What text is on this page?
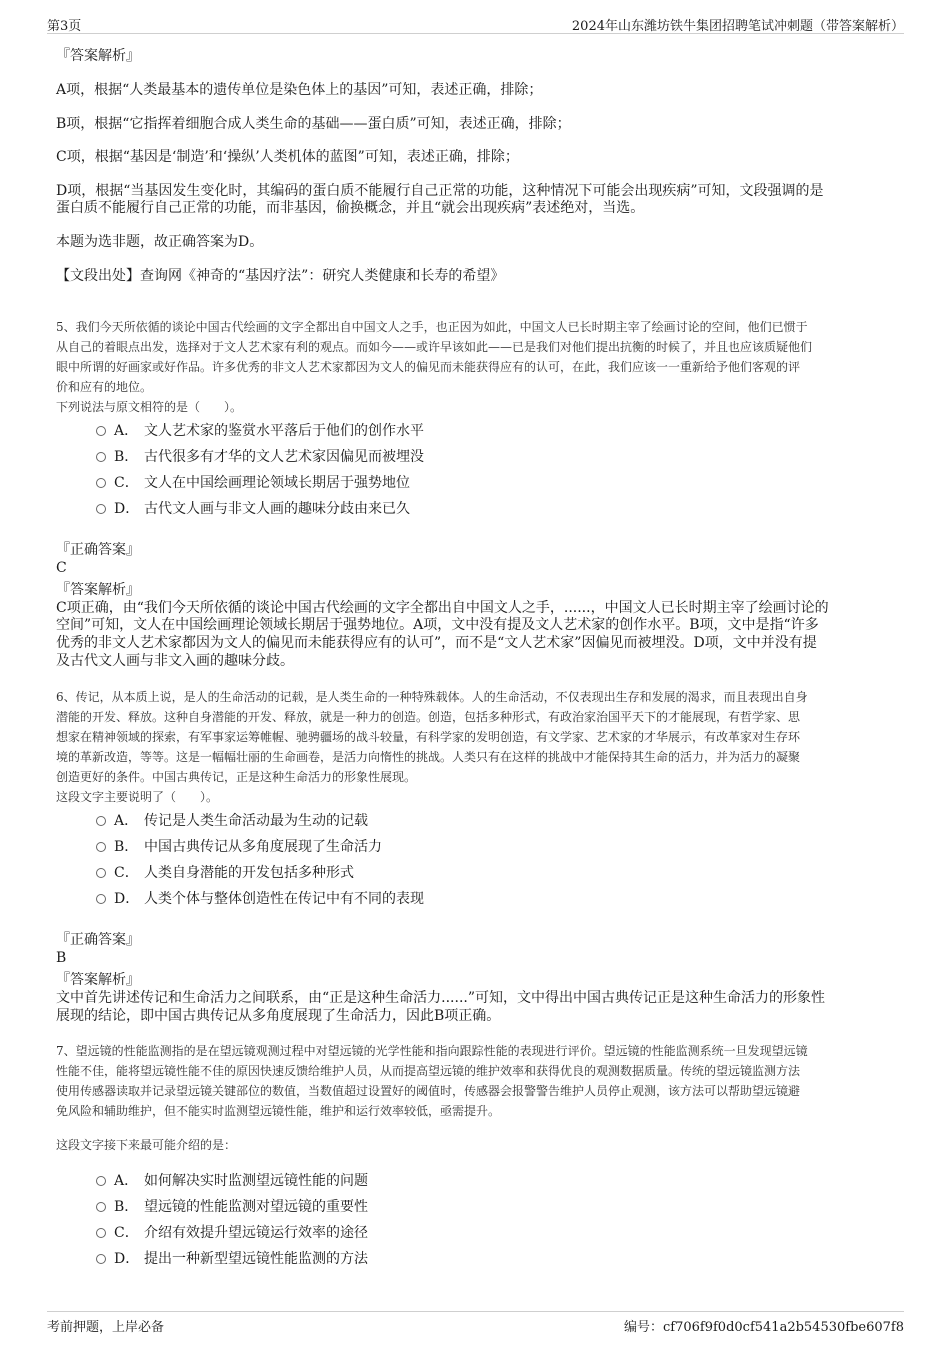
第3页	2024年山东潍坊铁牛集团招聘笔试冲刺题（带答案解析）
『答案解析』
A项，根据“人类最基本的遗传单位是染色体上的基因”可知，表述正确，排除；
B项，根据“它指挥着细胞合成人类生命的基础——蛋白质”可知，表述正确，排除；
C项，根据“基因是‘制造’和‘操纵’人类机体的蓝图”可知，表述正确，排除；
D项，根据“当基因发生变化时，其编码的蛋白质不能履行自己正常的功能，这种情况下可能会出现疾病”可知，文段强调的是
蛋白质不能履行自己正常的功能，而非基因，偷换概念，并且“就会出现疾病”表述绝对，当选。
本题为选非题，故正确答案为D。
【文段出处】查询网《神奇的“基因疗法”：研究人类健康和长寿的希望》
5、我们今天所依循的谈论中国古代绘画的文字全都出自中国文人之手，也正因为如此，中国文人已长时期主宰了绘画讨论的空间，他们已惯于
从自己的着眼点出发，选择对于文人艺术家有利的观点。而如今——或许早该如此——已是我们对他们提出抗衡的时候了，并且也应该质疑他们
眼中所谓的好画家或好作品。许多优秀的非文人艺术家都因为文人的偏见而未能获得应有的认可，在此，我们应该一一重新给予他们客观的评
价和应有的地位。
下列说法与原文相符的是（　　）。
A． 文人艺术家的鉴赏水平落后于他们的创作水平
B． 古代很多有才华的文人艺术家因偏见而被埋没
C． 文人在中国绘画理论领域长期居于强势地位
D． 古代文人画与非文人画的趣味分歧由来已久
『正确答案』
C
『答案解析』
C项正确，由“我们今天所依循的谈论中国古代绘画的文字全都出自中国文人之手，......，中国文人已长时期主宰了绘画讨论的
空间”可知，文人在中国绘画理论领域长期居于强势地位。A项，文中没有提及文人艺术家的创作水平。B项，文中是指“许多
优秀的非文人艺术家都因为文人的偏见而未能获得应有的认可”，而不是“文人艺术家”因偏见而被埋没。D项，文中并没有提
及古代文人画与非文入画的趣味分歧。
6、传记，从本质上说，是人的生命活动的记载，是人类生命的一种特殊载体。人的生命活动，不仅表现出生存和发展的渴求，而且表现出自身
潜能的开发、释放。这种自身潜能的开发、释放，就是一种力的创造。创造，包括多种形式，有政治家治国平天下的才能展现，有哲学家、思
想家在精神领域的探索，有军事家运筹帷幄、驰骋疆场的战斗较量，有科学家的发明创造，有文学家、艺术家的才华展示，有改革家对生存环
境的革新改造，等等。这是一幅幅壮丽的生命画卷，是活力向惰性的挑战。人类只有在这样的挑战中才能保持其生命的活力，并为活力的凝聚
创造更好的条件。中国古典传记，正是这种生命活力的形象性展现。
这段文字主要说明了（　　）。
A． 传记是人类生命活动最为生动的记载
B． 中国古典传记从多角度展现了生命活力
C． 人类自身潜能的开发包括多种形式
D． 人类个体与整体创造性在传记中有不同的表现
『正确答案』
B
『答案解析』
文中首先讲述传记和生命活力之间联系，由“正是这种生命活力......”可知，文中得出中国古典传记正是这种生命活力的形象性
展现的结论，即中国古典传记从多角度展现了生命活力，因此B项正确。
7、望远镜的性能监测指的是在望远镜观测过程中对望远镜的光学性能和指向跟踪性能的表现进行评价。望远镜的性能监测系统一旦发现望远镜
性能不佳，能将望远镜性能不佳的原因快速反馈给维护人员，从而提高望远镜的维护效率和获得优良的观测数据质量。传统的望远镜监测方法
使用传感器读取并记录望远镜关键部位的数值，当数值超过设置好的阈值时，传感器会报警警告维护人员停止观测，该方法可以帮助望远镜避
免风险和辅助维护，但不能实时监测望远镜性能，维护和运行效率较低，亟需提升。
这段文字接下来最可能介绍的是：
A． 如何解决实时监测望远镜性能的问题
B． 望远镜的性能监测对望远镜的重要性
C． 介绍有效提升望远镜运行效率的途径
D． 提出一种新型望远镜性能监测的方法
考前押题，上岸必备	编号：cf706f9f0d0cf541a2b54530fbe607f8
